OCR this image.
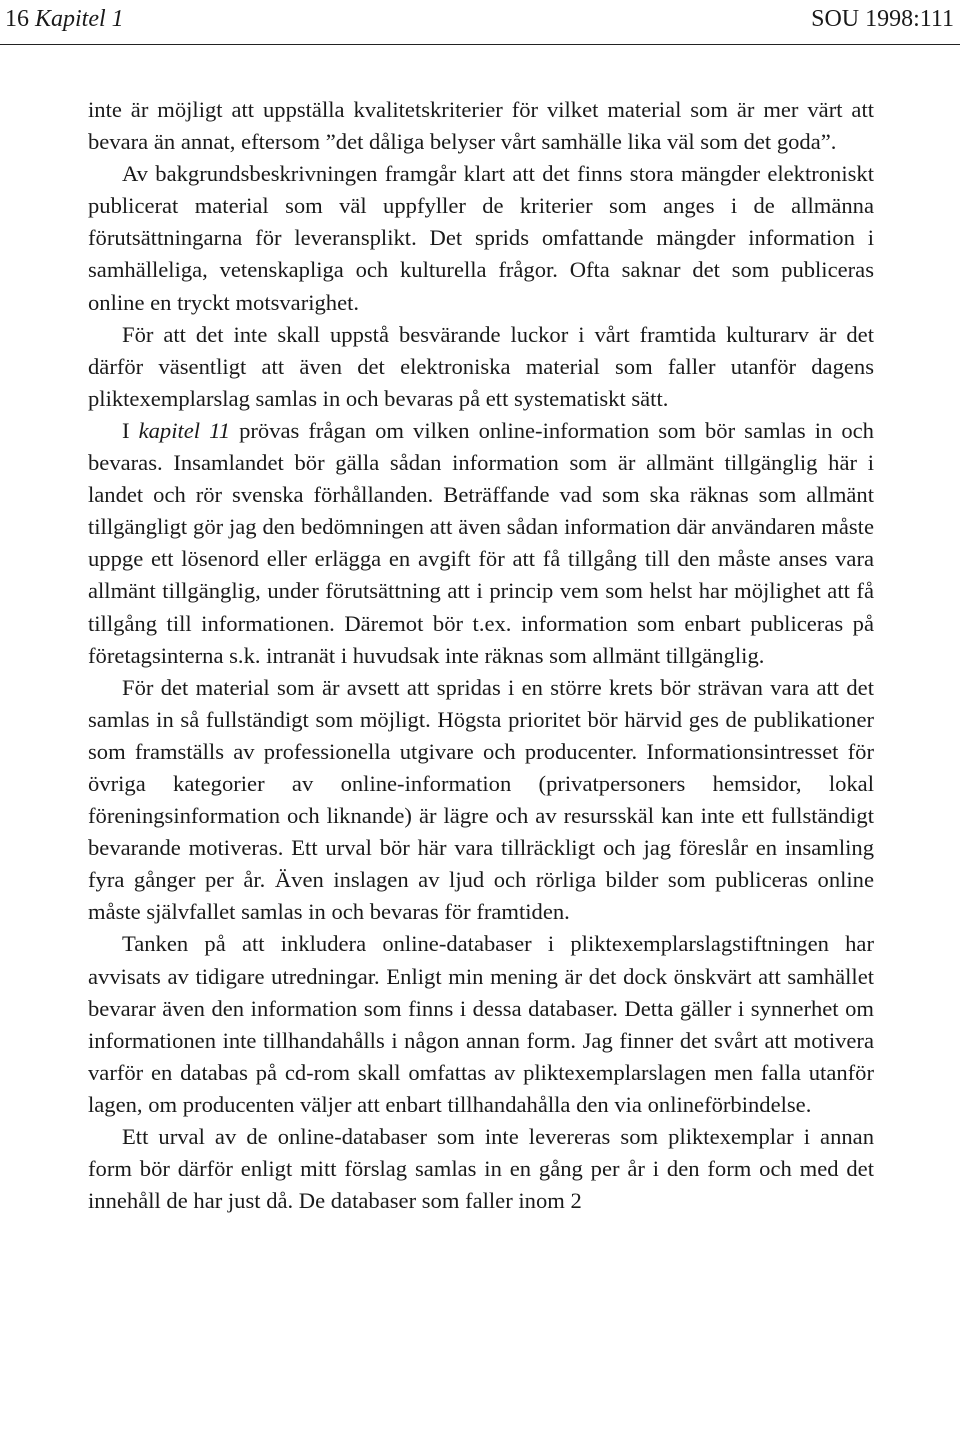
16 Kapitel 1	SOU 1998:111

inte är möjligt att uppställa kvalitetskriterier för vilket material som är mer värt att bevara än annat, eftersom ”det dåliga belyser vårt samhälle lika väl som det goda”.

Av bakgrundsbeskrivningen framgår klart att det finns stora mängder elektroniskt publicerat material som väl uppfyller de kriterier som anges i de allmänna förutsättningarna för leveransplikt. Det sprids omfattande mängder information i samhälleliga, vetenskapliga och kulturella frågor. Ofta saknar det som publiceras online en tryckt motsvarighet.

För att det inte skall uppstå besvärande luckor i vårt framtida kulturarv är det därför väsentligt att även det elektroniska material som faller utanför dagens pliktexemplarslag samlas in och bevaras på ett systematiskt sätt.

I kapitel 11 prövas frågan om vilken online-information som bör samlas in och bevaras. Insamlandet bör gälla sådan information som är allmänt tillgänglig här i landet och rör svenska förhållanden. Beträffande vad som ska räknas som allmänt tillgängligt gör jag den bedömningen att även sådan information där användaren måste uppge ett lösenord eller erlägga en avgift för att få tillgång till den måste anses vara allmänt tillgänglig, under förutsättning att i princip vem som helst har möjlighet att få tillgång till informationen. Däremot bör t.ex. information som enbart publiceras på företagsinterna s.k. intranät i huvudsak inte räknas som allmänt tillgänglig.

För det material som är avsett att spridas i en större krets bör strävan vara att det samlas in så fullständigt som möjligt. Högsta prioritet bör härvid ges de publikationer som framställs av professionella utgivare och producenter. Informationsintresset för övriga kategorier av online-information (privatpersoners hemsidor, lokal föreningsinformation och liknande) är lägre och av resursskäl kan inte ett fullständigt bevarande motiveras. Ett urval bör här vara tillräckligt och jag föreslår en insamling fyra gånger per år. Även inslagen av ljud och rörliga bilder som publiceras online måste självfallet samlas in och bevaras för framtiden.

Tanken på att inkludera online-databaser i pliktexemplarslagstiftningen har avvisats av tidigare utredningar. Enligt min mening är det dock önskvärt att samhället bevarar även den information som finns i dessa databaser. Detta gäller i synnerhet om informationen inte tillhandahålls i någon annan form. Jag finner det svårt att motivera varför en databas på cd-rom skall omfattas av pliktexemplarslagen men falla utanför lagen, om producenten väljer att enbart tillhandahålla den via onlineförbindelse.

Ett urval av de online-databaser som inte levereras som pliktexemplar i annan form bör därför enligt mitt förslag samlas in en gång per år i den form och med det innehåll de har just då. De databaser som faller inom 2
